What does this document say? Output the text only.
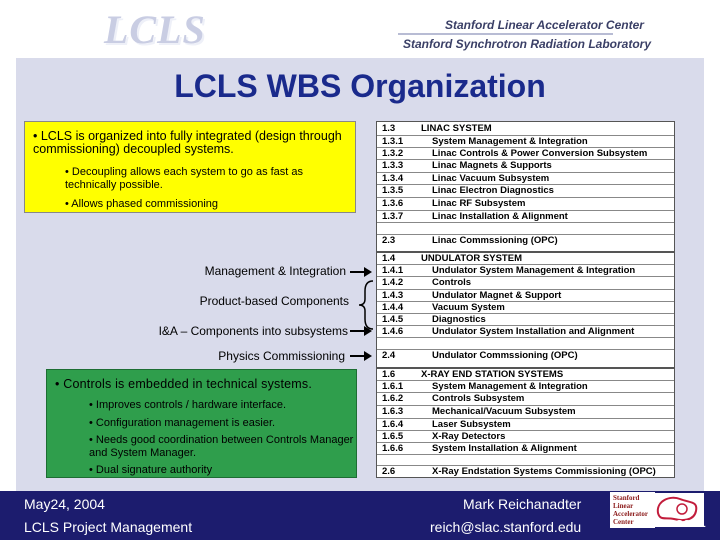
LCLS	Stanford Linear Accelerator Center
Stanford Synchrotron Radiation Laboratory
LCLS WBS Organization
• LCLS is organized into fully integrated (design through commissioning) decoupled systems.
• Decoupling allows each system to go as fast as technically possible.
• Allows phased commissioning
Management & Integration
Product-based Components
I&A – Components into subsystems
Physics Commissioning
• Controls is embedded in technical systems.
• Improves controls / hardware interface.
• Configuration management is easier.
• Needs good coordination between Controls Manager and System Manager.
• Dual signature authority
1.3	LINAC SYSTEM
1.3.1	System Management & Integration
1.3.2	Linac Controls & Power Conversion Subsystem
1.3.3	Linac Magnets & Supports
1.3.4	Linac Vacuum Subsystem
1.3.5	Linac Electron Diagnostics
1.3.6	Linac RF Subsystem
1.3.7	Linac Installation & Alignment
2.3	Linac Commssioning (OPC)
1.4	UNDULATOR SYSTEM
1.4.1	Undulator System Management & Integration
1.4.2	Controls
1.4.3	Undulator Magnet & Support
1.4.4	Vacuum System
1.4.5	Diagnostics
1.4.6	Undulator System Installation and Alignment
2.4	Undulator Commssioning (OPC)
1.6	X-RAY END STATION SYSTEMS
1.6.1	System Management & Integration
1.6.2	Controls Subsystem
1.6.3	Mechanical/Vacuum Subsystem
1.6.4	Laser Subsystem
1.6.5	X-Ray Detectors
1.6.6	System Installation & Alignment
2.6	X-Ray Endstation Systems Commissioning (OPC)
May24, 2004
LCLS Project Management
Mark Reichanadter
reich@slac.stanford.edu
Stanford
Linear
Accelerator
Center	SSRL
